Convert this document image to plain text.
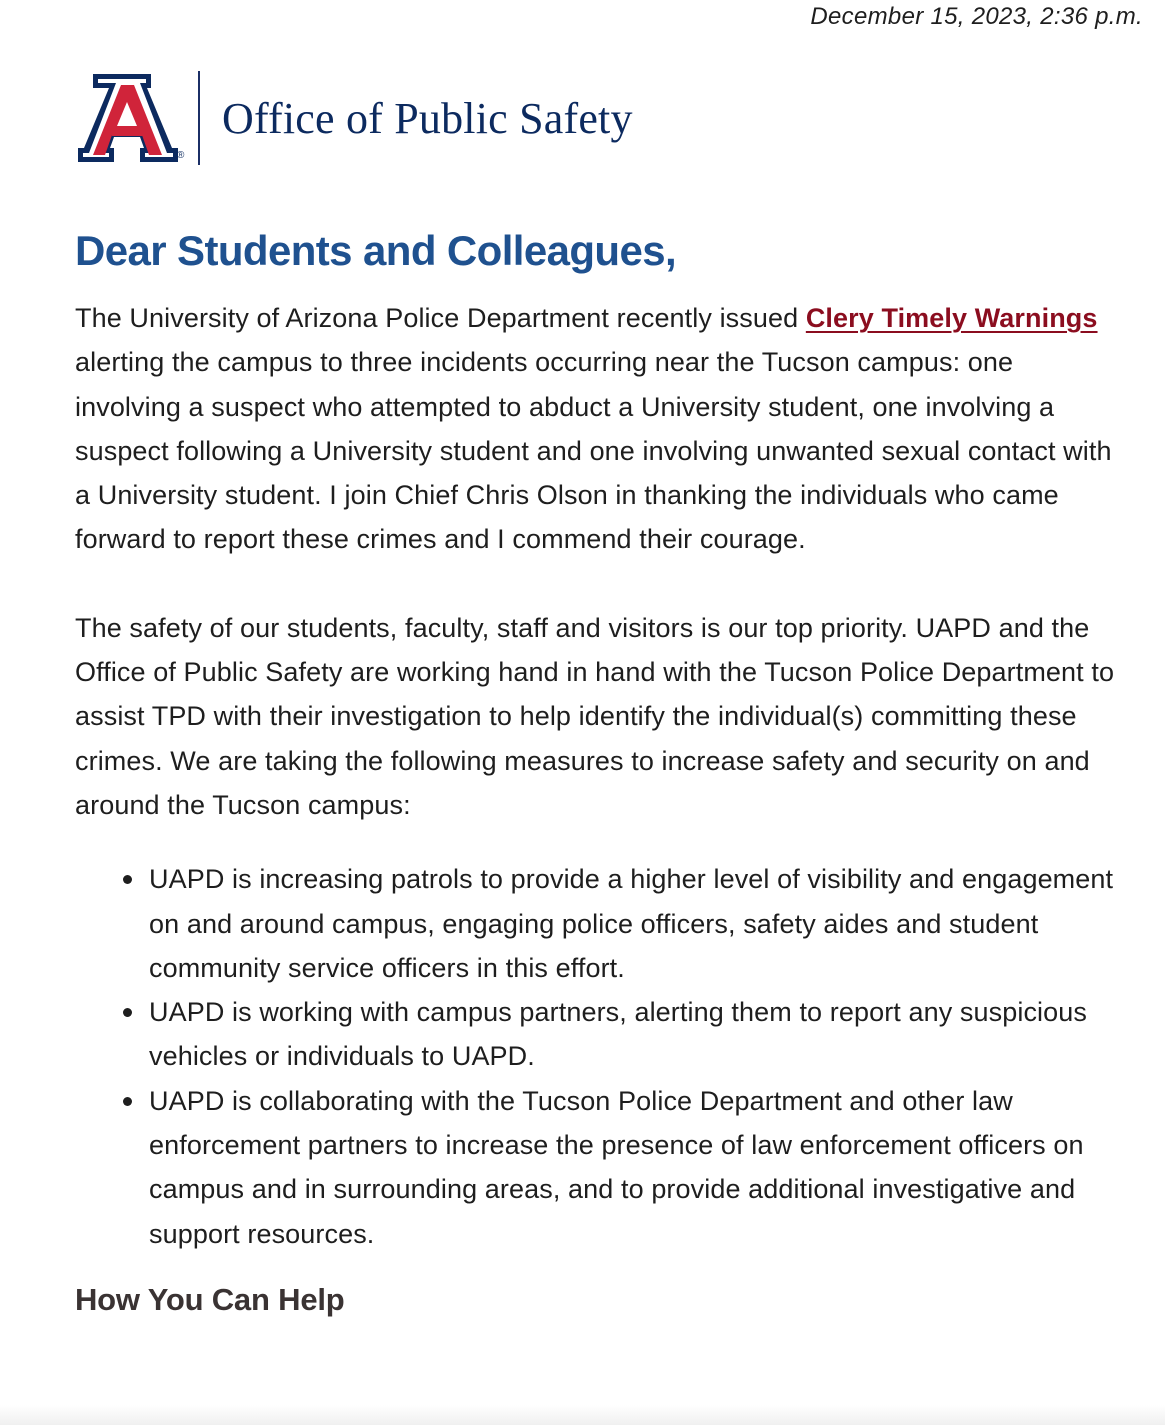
December 15, 2023, 2:36 p.m.
®
Office of Public Safety
Dear Students and Colleagues,

The University of Arizona Police Department recently issued Clery Timely Warnings alerting the campus to three incidents occurring near the Tucson campus: one involving a suspect who attempted to abduct a University student, one involving a suspect following a University student and one involving unwanted sexual contact with a University student. I join Chief Chris Olson in thanking the individuals who came forward to report these crimes and I commend their courage.

The safety of our students, faculty, staff and visitors is our top priority. UAPD and the Office of Public Safety are working hand in hand with the Tucson Police Department to assist TPD with their investigation to help identify the individual(s) committing these crimes. We are taking the following measures to increase safety and security on and around the Tucson campus:

UAPD is increasing patrols to provide a higher level of visibility and engagement on and around campus, engaging police officers, safety aides and student community service officers in this effort.
UAPD is working with campus partners, alerting them to report any suspicious vehicles or individuals to UAPD.
UAPD is collaborating with the Tucson Police Department and other law enforcement partners to increase the presence of law enforcement officers on campus and in surrounding areas, and to provide additional investigative and support resources.
How You Can Help
